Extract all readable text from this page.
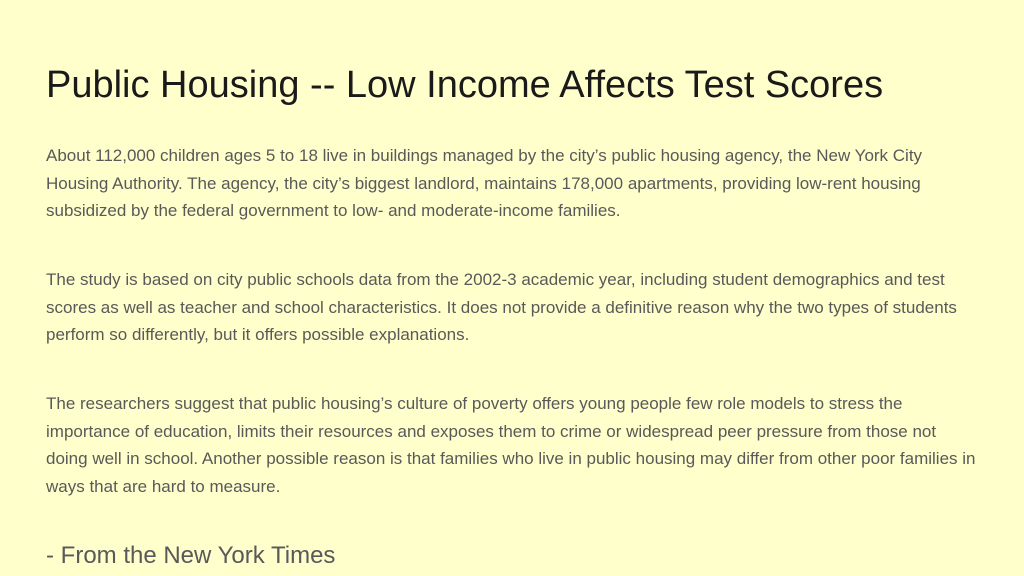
Public Housing -- Low Income Affects Test Scores

About 112,000 children ages 5 to 18 live in buildings managed by the city’s public housing agency, the New York City Housing Authority. The agency, the city’s biggest landlord, maintains 178,000 apartments, providing low-rent housing subsidized by the federal government to low- and moderate-income families.

The study is based on city public schools data from the 2002-3 academic year, including student demographics and test scores as well as teacher and school characteristics. It does not provide a definitive reason why the two types of students perform so differently, but it offers possible explanations.

The researchers suggest that public housing’s culture of poverty offers young people few role models to stress the importance of education, limits their resources and exposes them to crime or widespread peer pressure from those not doing well in school. Another possible reason is that families who live in public housing may differ from other poor families in ways that are hard to measure.

- From the New York Times
